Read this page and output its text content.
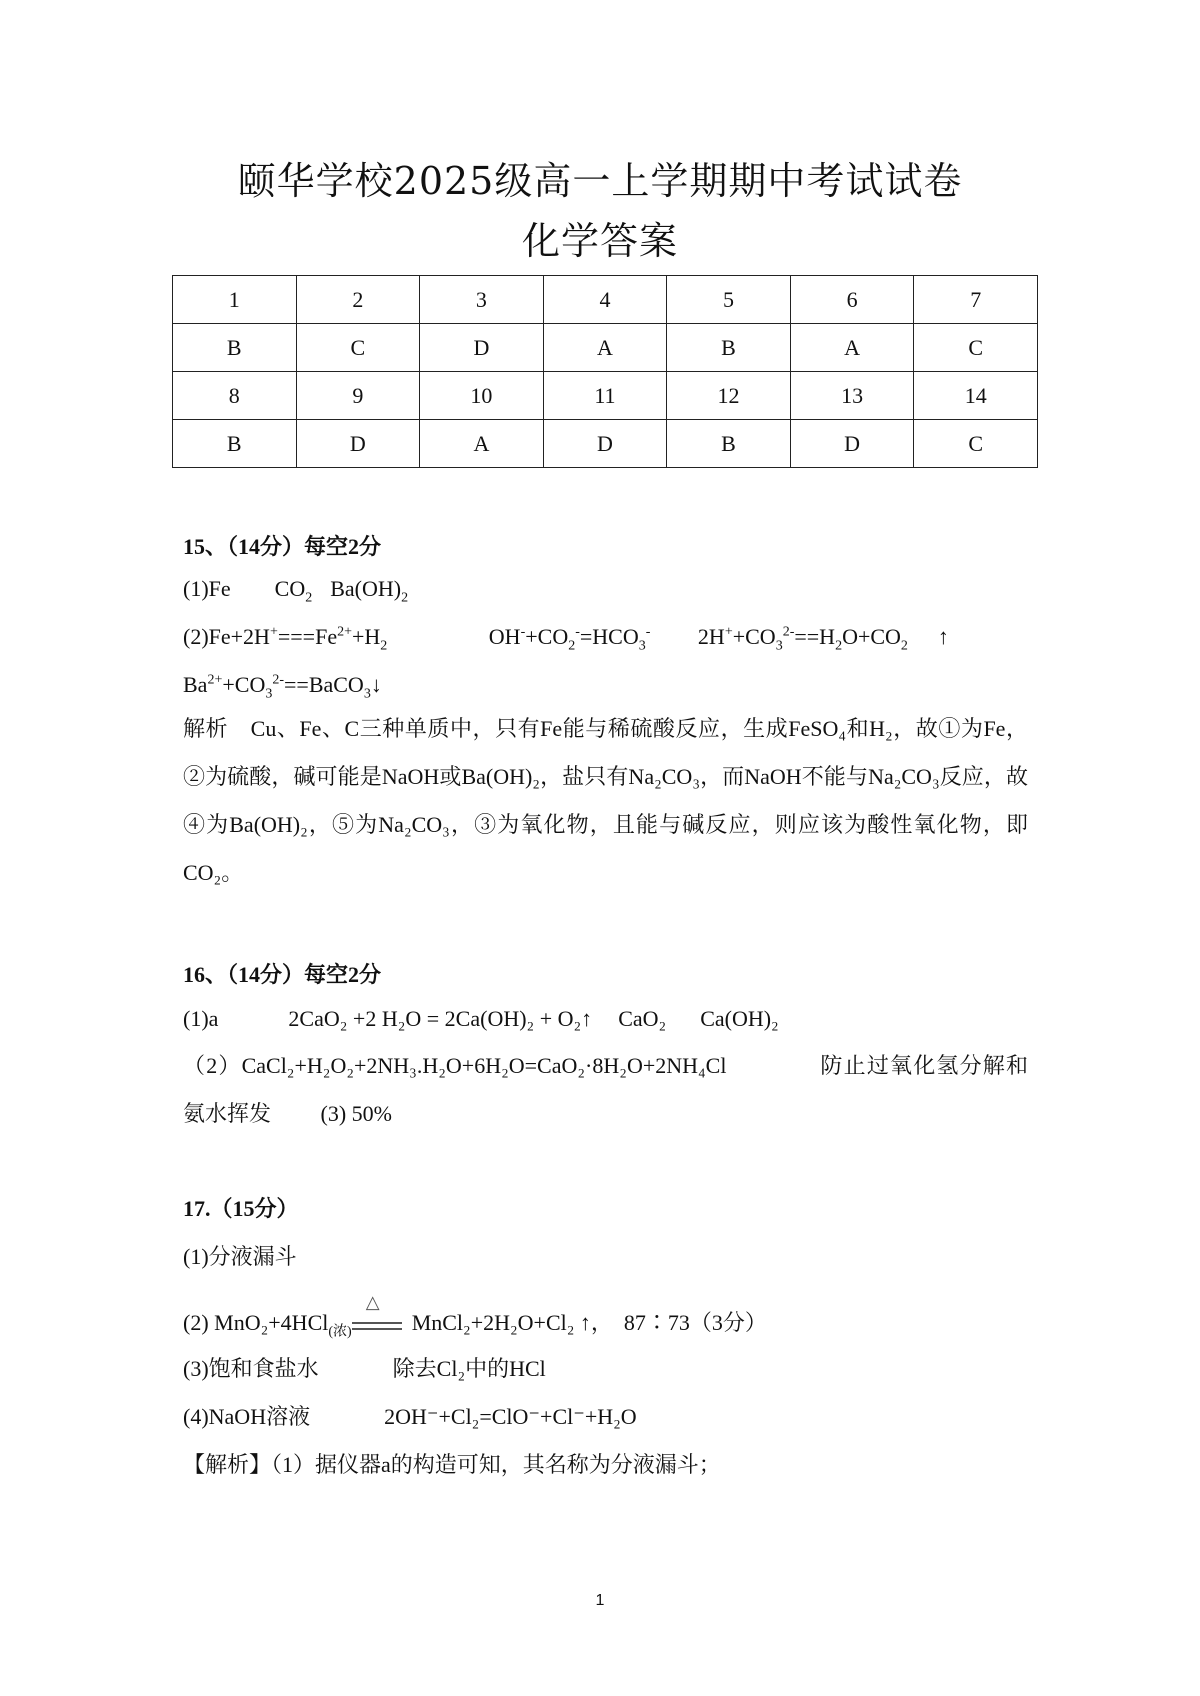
颐华学校2025级高一上学期期中考试试卷
化学答案
1	2	3	4	5	6	7
B	C	D	A	B	A	C
8	9	10	11	12	13	14
B	D	A	D	B	D	C
15、（14分）每空2分
(1)Fe $CO_2$ $Ba(OH)_2$
$(2)Fe+2H^+===Fe^{2+}+H_2$	$OH^-+CO_2^-=HCO_3^-$ $2H^++CO_3^{2-}==H_2O+CO_2$ ↑
$Ba^{2+}+CO_3^{2-}==BaCO_3↓$
解析　Cu、Fe、C三种单质中，只有Fe能与稀硫酸反应，生成FeSO₄和H₂，故①为Fe，②为硫酸，碱可能是NaOH或Ba(OH)₂，盐只有Na₂CO₃，而NaOH不能与Na₂CO₃反应，故④为Ba(OH)₂，⑤为Na₂CO₃，③为氧化物，且能与碱反应，则应该为酸性氧化物，即CO₂。
16、（14分）每空2分
(1)a	2CaO₂ +2 H₂O = 2Ca(OH)₂ + O₂↑ CaO₂ Ca(OH)₂
（2）CaCl₂+H₂O₂+2NH₃.H₂O+6H₂O=CaO₂·8H₂O+2NH₄Cl　　　　防止过氧化氢分解和氨水挥发　　 (3) 50%
17.（15分）
(1)分液漏斗
(2) MnO₂+4HCl$_{(浓)}$
△
MnCl₂+2H₂O+Cl₂ ↑，　87∶73（3分）
(3)饱和食盐水	除去Cl₂中的HCl
(4)NaOH溶液	2OH⁻+Cl₂=ClO⁻+Cl⁻+H₂O
【解析】（1）据仪器a的构造可知，其名称为分液漏斗；
1
